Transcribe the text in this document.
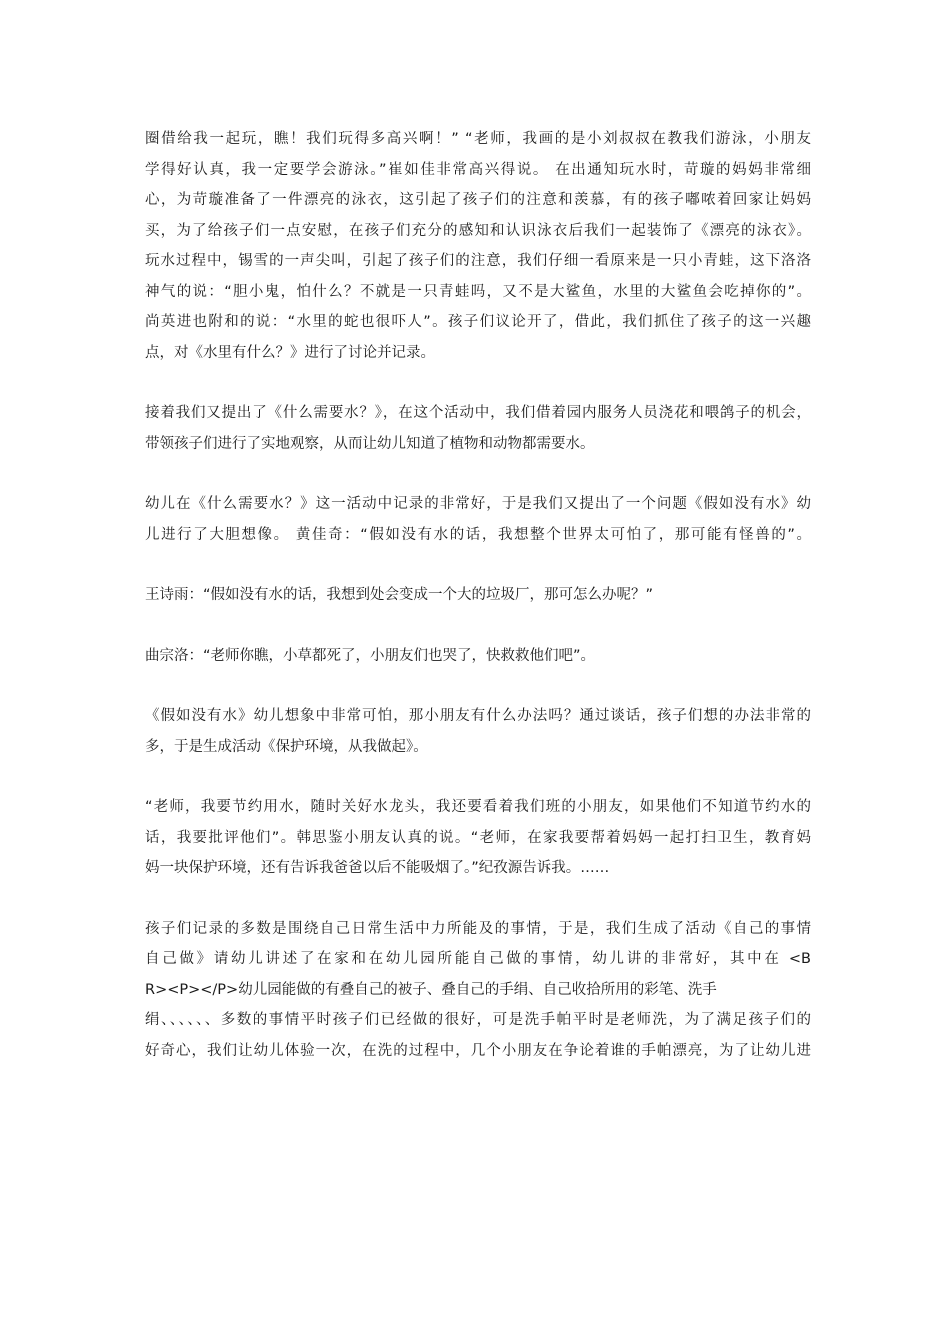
圈借给我一起玩，瞧！我们玩得多高兴啊！” “老师，我画的是小刘叔叔在教我们游泳，小朋友
学得好认真，我一定要学会游泳。”崔如佳非常高兴得说。 在出通知玩水时，苛璇的妈妈非常细
心，为苛璇准备了一件漂亮的泳衣，这引起了孩子们的注意和羡慕，有的孩子嘟哝着回家让妈妈
买，为了给孩子们一点安慰，在孩子们充分的感知和认识泳衣后我们一起装饰了《漂亮的泳衣》。
玩水过程中，锡雪的一声尖叫，引起了孩子们的注意，我们仔细一看原来是一只小青蛙，这下洛洛
神气的说：“胆小鬼，怕什么？不就是一只青蛙吗，又不是大鲨鱼，水里的大鲨鱼会吃掉你的”。
尚英进也附和的说：“水里的蛇也很吓人”。孩子们议论开了，借此，我们抓住了孩子的这一兴趣
点，对《水里有什么？》进行了讨论并记录。
接着我们又提出了《什么需要水？》，在这个活动中，我们借着园内服务人员浇花和喂鸽子的机会，
带领孩子们进行了实地观察，从而让幼儿知道了植物和动物都需要水。
幼儿在《什么需要水？》这一活动中记录的非常好，于是我们又提出了一个问题《假如没有水》幼
儿进行了大胆想像。 黄佳奇：“假如没有水的话，我想整个世界太可怕了，那可能有怪兽的”。
王诗雨：“假如没有水的话，我想到处会变成一个大的垃圾厂，那可怎么办呢？”
曲宗洛：“老师你瞧，小草都死了，小朋友们也哭了，快救救他们吧”。
《假如没有水》幼儿想象中非常可怕，那小朋友有什么办法吗？通过谈话，孩子们想的办法非常的
多，于是生成活动《保护环境，从我做起》。
“老师，我要节约用水，随时关好水龙头，我还要看着我们班的小朋友，如果他们不知道节约水的
话，我要批评他们”。韩思鉴小朋友认真的说。“老师，在家我要帮着妈妈一起打扫卫生，教育妈
妈一块保护环境，还有告诉我爸爸以后不能吸烟了。”纪孜源告诉我。……
孩子们记录的多数是围绕自己日常生活中力所能及的事情，于是，我们生成了活动《自己的事情
自己做》请幼儿讲述了在家和在幼儿园所能自己做的事情，幼儿讲的非常好，其中在 <B
R><P></P>幼儿园能做的有叠自己的被子、叠自己的手绢、自己收拾所用的彩笔、洗手
绢、、、、、、多数的事情平时孩子们已经做的很好，可是洗手帕平时是老师洗，为了满足孩子们的
好奇心，我们让幼儿体验一次，在洗的过程中，几个小朋友在争论着谁的手帕漂亮，为了让幼儿进
